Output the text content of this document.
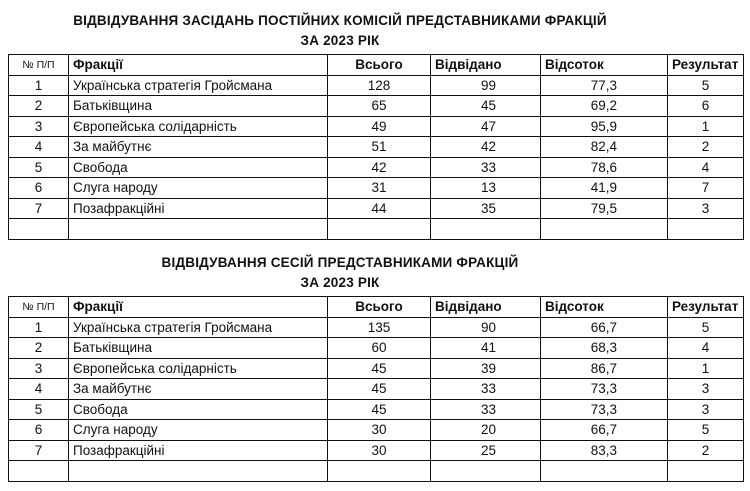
ВІДВІДУВАННЯ ЗАСІДАНЬ ПОСТІЙНИХ КОМІСІЙ ПРЕДСТАВНИКАМИ ФРАКЦІЙ
ЗА 2023 РІК
№ П/П	Фракції	Всього	Відвідано	Відсоток	Результат
1	Українська стратегія Гройсмана	128	99	77,3	5
2	Батьківщина	65	45	69,2	6
3	Європейська солідарність	49	47	95,9	1
4	За майбутнє	51	42	82,4	2
5	Свобода	42	33	78,6	4
6	Слуга народу	31	13	41,9	7
7	Позафракційні	44	35	79,5	3

ВІДВІДУВАННЯ СЕСІЙ ПРЕДСТАВНИКАМИ ФРАКЦІЙ
ЗА 2023 РІК
№ П/П	Фракції	Всього	Відвідано	Відсоток	Результат
1	Українська стратегія Гройсмана	135	90	66,7	5
2	Батьківщина	60	41	68,3	4
3	Європейська солідарність	45	39	86,7	1
4	За майбутнє	45	33	73,3	3
5	Свобода	45	33	73,3	3
6	Слуга народу	30	20	66,7	5
7	Позафракційні	30	25	83,3	2
